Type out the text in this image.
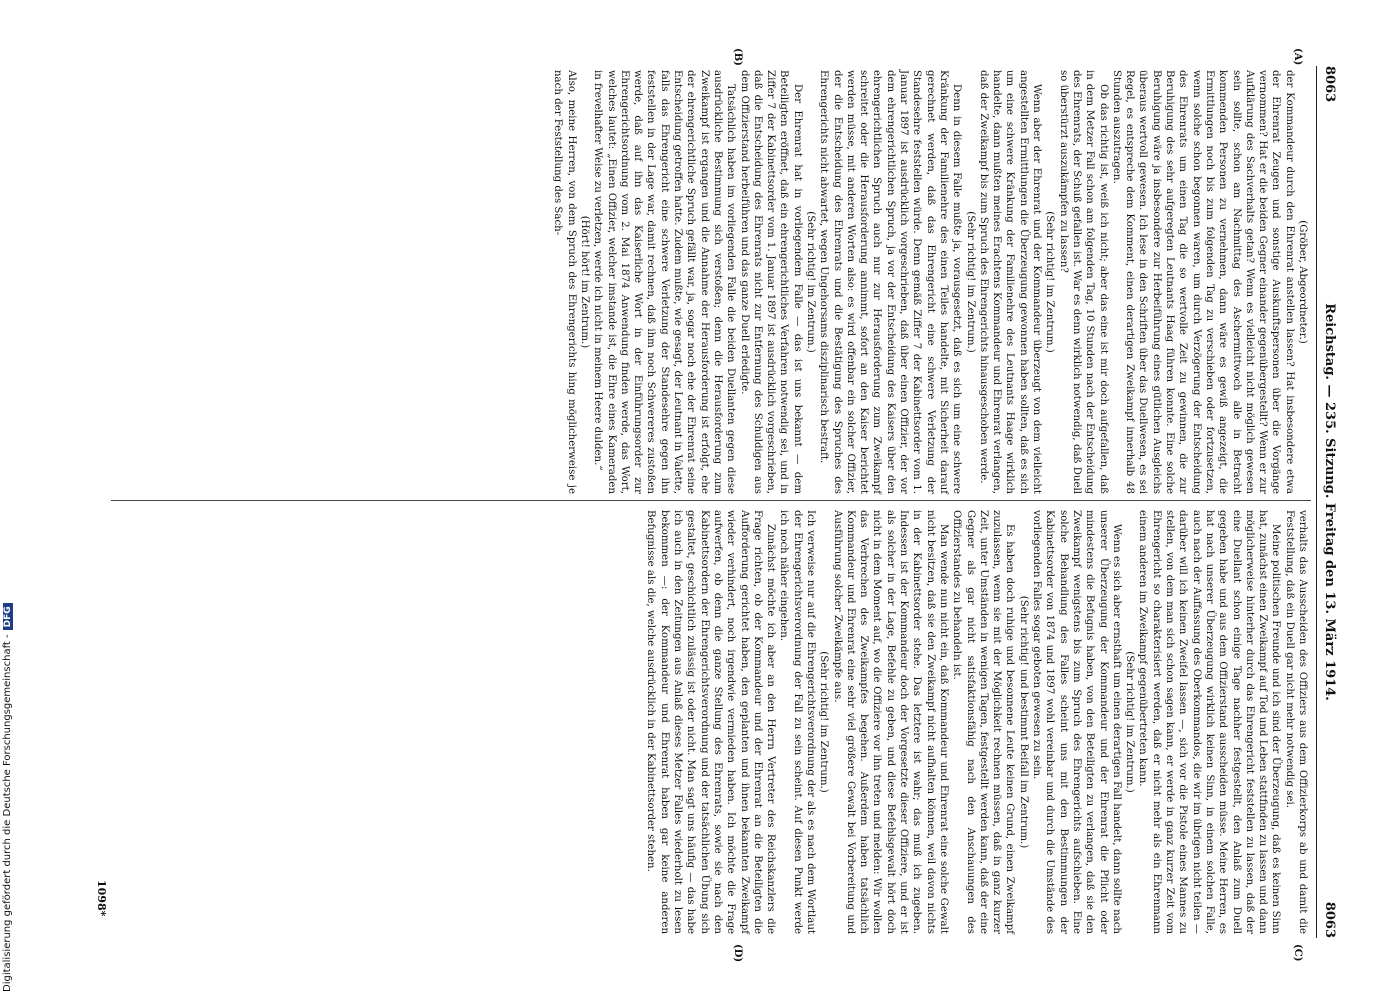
8063
Reichstag. — 235. Sitzung. Freitag den 13. März 1914.
8063
(A)
(B)
(C)
(D)

(Gröber, Abgeordneter.)

der Kommandeur durch den Ehrenrat anstellen lassen? Hat insbesondere etwa der Ehrenrat Zeugen und sonstige Auskunftspersonen über die Vorgänge vernommen? Hat er die beiden Gegner einander gegenübergestellt? Wenn er zur Aufklärung des Sachverhalts getan? Wenn es vielleicht nicht möglich gewesen sein sollte, schon am Nachmittag des Aschermittwoch alle in Betracht kommenden Personen zu vernehmen, dann wäre es gewiß angezeigt, die Ermittlungen noch bis zum folgenden Tag zu verschieben oder fortzusetzen, wenn solche schon begonnen waren, um durch Verzögerung der Entscheidung des Ehrenrats um einen Tag die so wertvolle Zeit zu gewinnen, die zur Beruhigung des sehr aufgeregten Leutnants Haag führen konnte. Eine solche Beruhigung wäre ja insbesondere zur Herbeiführung eines gütlichen Ausgleichs überaus wertvoll gewesen. Ich lese in den Schriften über das Duellwesen, es sei Regel, es entspreche dem Komment, einen derartigen Zweikampf innerhalb 48 Stunden auszutragen.

Ob das richtig ist, weiß ich nicht; aber das eine ist mir doch aufgefallen, daß in dem Metzer Fall schon am folgenden Tag, 10 Stunden nach der Entscheidung des Ehrenrats, der Schuß gefallen ist. War es denn wirklich notwendig, daß Duell so überstürzt auszukämpfen zu lassen?

(Sehr richtig! im Zentrum.)

Wenn aber der Ehrenrat und der Kommandeur überzeugt von dem vielleicht angestellten Ermittlungen die Überzeugung gewonnen haben sollten, daß es sich um eine schwere Kränkung der Familienehre des Leutnants Haage wirklich handelte, dann mußten meines Erachtens Kommandeur und Ehrenrat verlangen, daß der Zweikampf bis zum Spruch des Ehrengerichts hinausgeschoben werde.

(Sehr richtig! im Zentrum.)

Denn in diesem Falle mußte ja, vorausgesetzt, daß es sich um eine schwere Kränkung der Familienehre des einen Teiles handelte, mit Sicherheit darauf gerechnet werden, daß das Ehrengericht eine schwere Verletzung der Standesehre feststellen würde. Denn gemäß Ziffer 7 der Kabinettsorder vom 1. Januar 1897 ist ausdrücklich vorgeschrieben, daß über einen Offizier, der vor dem ehrengerichtlichen Spruch, ja vor der Entscheidung des Kaisers über den ehrengerichtlichen Spruch auch nur zur Herausforderung zum Zweikampf schreitet oder die Herausforderung annimmt, sofort an den Kaiser berichtet werden müsse, mit anderen Worten also: es wird offenbar ein solcher Offizier, der die Entscheidung des Ehrenrats und die Bestätigung des Spruches des Ehrengerichts nicht abwartet, wegen Ungehorsams disziplinarisch bestraft.

(Sehr richtig! im Zentrum.)

Der Ehrenrat hat in vorliegendem Falle — das ist uns bekannt — dem Beteiligten eröffnet, daß ein ehrengerichtliches Verfahren notwendig sei, und in Ziffer 7 der Kabinettsorder vom 1. Januar 1897 ist ausdrücklich vorgeschrieben, daß die Entscheidung des Ehrenrats nicht zur Entfernung des Schuldigen aus dem Offizierstand herbeiführen und das ganze Duell erledigte.

Tatsächlich haben im vorliegenden Falle die beiden Duellanten gegen diese ausdrückliche Bestimmung sich verstoßen; denn die Herausforderung zum Zweikampf ist ergangen und die Annahme der Herausforderung ist erfolgt, ehe der ehrengerichtliche Spruch gefällt war, ja, sogar noch ehe der Ehrenrat seine Entscheidung getroffen hatte. Zudem mußte, wie gesagt, der Leutnant in Valette, falls das Ehrengericht eine schwere Verletzung der Standesehre gegen ihn feststellen in der Lage war, damit rechnen, daß ihm noch Schwereres zustoßen werde, daß auf ihn das Kaiserliche Wort in der Einführungsorder zur Ehrengerichtsordnung vom 2. Mai 1874 Anwendung finden werde, das Wort, welches lautet: „Einen Offizier, welcher imstande ist, die Ehre eines Kameraden in frevelhafter Weise zu verletzen, werde ich nicht in meinem Heere dulden.“

(Hört! hört! im Zentrum.)

Also, meine Herren, von dem Spruch des Ehrengerichts hing möglicherweise je nach der Feststellung des Sach-

verhalts das Ausscheiden des Offiziers aus dem Offizierkorps ab und damit die Feststellung, daß ein Duell gar nicht mehr notwendig sei.

Meine politischen Freunde und ich sind der Überzeugung, daß es keinen Sinn hat, zunächst einen Zweikampf auf Tod und Leben stattfinden zu lassen und dann möglicherweise hinterher durch das Ehrengericht feststellen zu lassen, daß der eine Duellant schon einige Tage nachher festgestellt, den Anlaß zum Duell gegeben habe und aus dem Offizierstand ausscheiden müsse. Meine Herren, es hat nach unserer Überzeugung wirklich keinen Sinn, in einem solchen Falle, auch nach der Auffassung des Oberkommandos, die wir im übrigen nicht teilen — darüber will ich keinen Zweifel lassen —, sich vor die Pistole eines Mannes zu stellen, von dem man sich schon sagen kann, er werde in ganz kurzer Zeit vom Ehrengericht so charakterisiert werden, daß er nicht mehr als ein Ehrenmann einem anderen im Zweikampf gegenübertreten kann.

(Sehr richtig! im Zentrum.)

Wenn es sich aber ernsthaft um einen derartigen Fall handelt, dann sollte nach unserer Überzeugung der Kommandeur und der Ehrenrat die Pflicht oder mindestens die Befugnis haben, von den Beteiligten zu verlangen, daß sie den Zweikampf wenigstens bis zum Spruch des Ehrengerichts aufschieben. Eine solche Behandlung des Falles scheint uns mit den Bestimmungen der Kabinettsorder von 1874 und 1897 wohl vereinbar und durch die Umstände des vorliegenden Falles sogar geboten gewesen zu sein.

(Sehr richtig! und bestimmt Beifall im Zentrum.)

Es haben doch ruhige und besonnene Leute keinen Grund, einen Zweikampf zuzulassen, wenn sie mit der Möglichkeit rechnen müssen, daß in ganz kurzer Zeit, unter Umständen in wenigen Tagen, festgestellt werden kann, daß der eine Gegner als gar nicht satisfaktionsfähig nach den Anschauungen des Offizierstandes zu behandeln ist.

Man wende nun nicht ein, daß Kommandeur und Ehrenrat eine solche Gewalt nicht besitzen, daß sie den Zweikampf nicht aufhalten können, weil davon nichts in der Kabinettsorder stehe. Das letztere ist wahr; das muß ich zugeben. Indessen ist der Kommandeur doch der Vorgesetzte dieser Offiziere, und er ist als solcher in der Lage, Befehle zu geben, und diese Befehlsgewalt hört doch nicht in dem Moment auf, wo die Offiziere vor ihn treten und melden: Wir wollen das Verbrechen des Zweikampfes begehen. Außerdem haben tatsächlich Kommandeur und Ehrenrat eine sehr viel größere Gewalt bei Vorbereitung und Ausführung solcher Zweikämpfe aus.

(Sehr richtig! im Zentrum.)

Ich verweise nur auf die Ehrengerichtsverordnung der als es nach dem Wortlaut der Ehrengerichtsverordnung der Fall zu sein scheint. Auf diesen Punkt werde ich noch näher eingehen.

Zunächst möchte ich aber an den Herrn Vertreter des Reichskanzlers die Frage richten, ob der Kommandeur und der Ehrenrat an die Beteiligten die Aufforderung gerichtet haben, den geplanten und ihnen bekannten Zweikampf wieder verhindert, noch irgendwie vermieden haben. Ich möchte die Frage aufwerfen, ob denn die ganze Stellung des Ehrenrats, sowie sie nach den Kabinettsordern der Ehrengerichtsverordnung und der tatsächlichen Übung sich gestaltet, geschichtlich zulässig ist oder nicht. Man sagt uns häufig — das habe ich auch in den Zeitungen aus Anlaß dieses Metzer Falles wiederholt zu lesen bekommen —: der Kommandeur und Ehrenrat haben gar keine anderen Befugnisse als die, welche ausdrücklich in der Kabinettsorder stehen.

1098*
Digitalisierung gefördert durch die Deutsche Forschungsgemeinschaft -DFG
